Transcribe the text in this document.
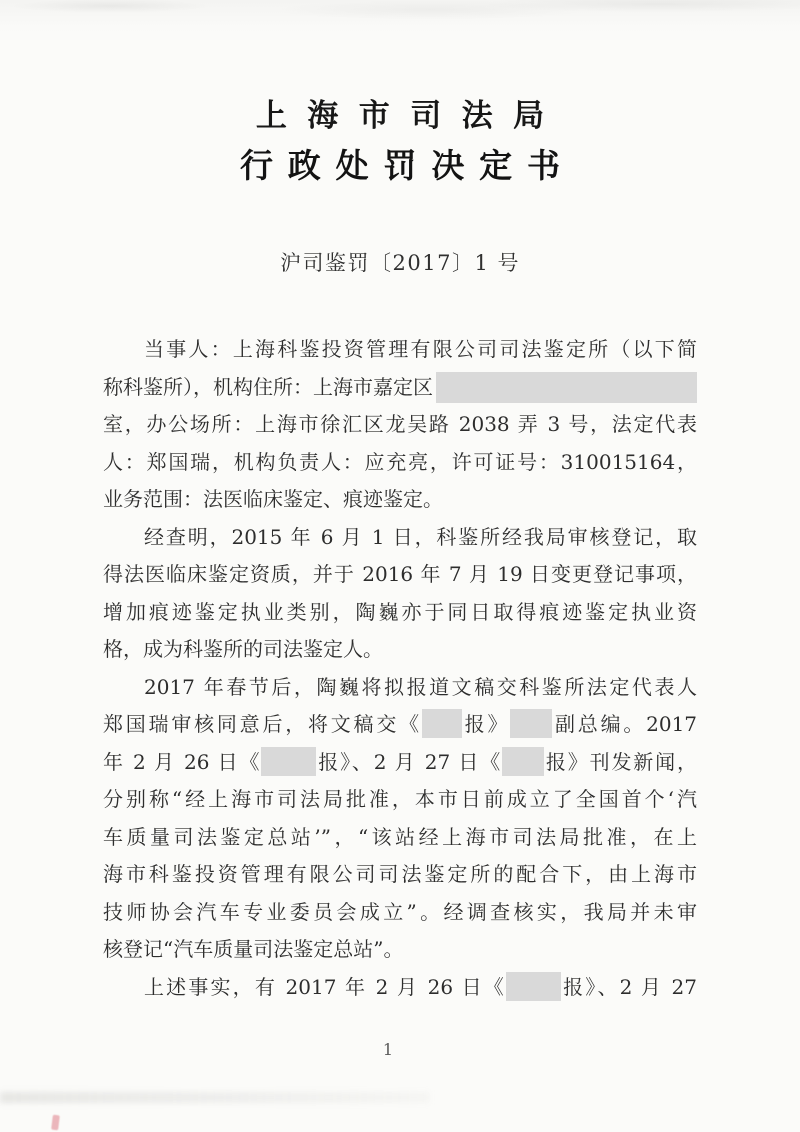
上海市司法局
行政处罚决定书
沪司鉴罚〔2017〕1 号
当事人：上海科鉴投资管理有限公司司法鉴定所（以下简
称科鉴所），机构住所：上海市嘉定区
室，办公场所：上海市徐汇区龙吴路 2038 弄 3 号，法定代表
人：郑国瑞，机构负责人：应充亮，许可证号：310015164，
业务范围：法医临床鉴定、痕迹鉴定。
经查明，2015 年 6 月 1 日，科鉴所经我局审核登记，取
得法医临床鉴定资质，并于 2016 年 7 月 19 日变更登记事项，
增加痕迹鉴定执业类别，陶巍亦于同日取得痕迹鉴定执业资
格，成为科鉴所的司法鉴定人。
2017 年春节后，陶巍将拟报道文稿交科鉴所法定代表人
郑国瑞审核同意后，将文稿交《 报》 副总编。2017
年 2 月 26 日《	报》、2 月 27 日《 报》刊发新闻，
分别称“经上海市司法局批准，本市日前成立了全国首个‘汽
车质量司法鉴定总站’”，“该站经上海市司法局批准，在上
海市科鉴投资管理有限公司司法鉴定所的配合下，由上海市
技师协会汽车专业委员会成立”。经调查核实，我局并未审
核登记“汽车质量司法鉴定总站”。
上述事实，有 2017 年 2 月 26 日《	报》、2 月 27
1
